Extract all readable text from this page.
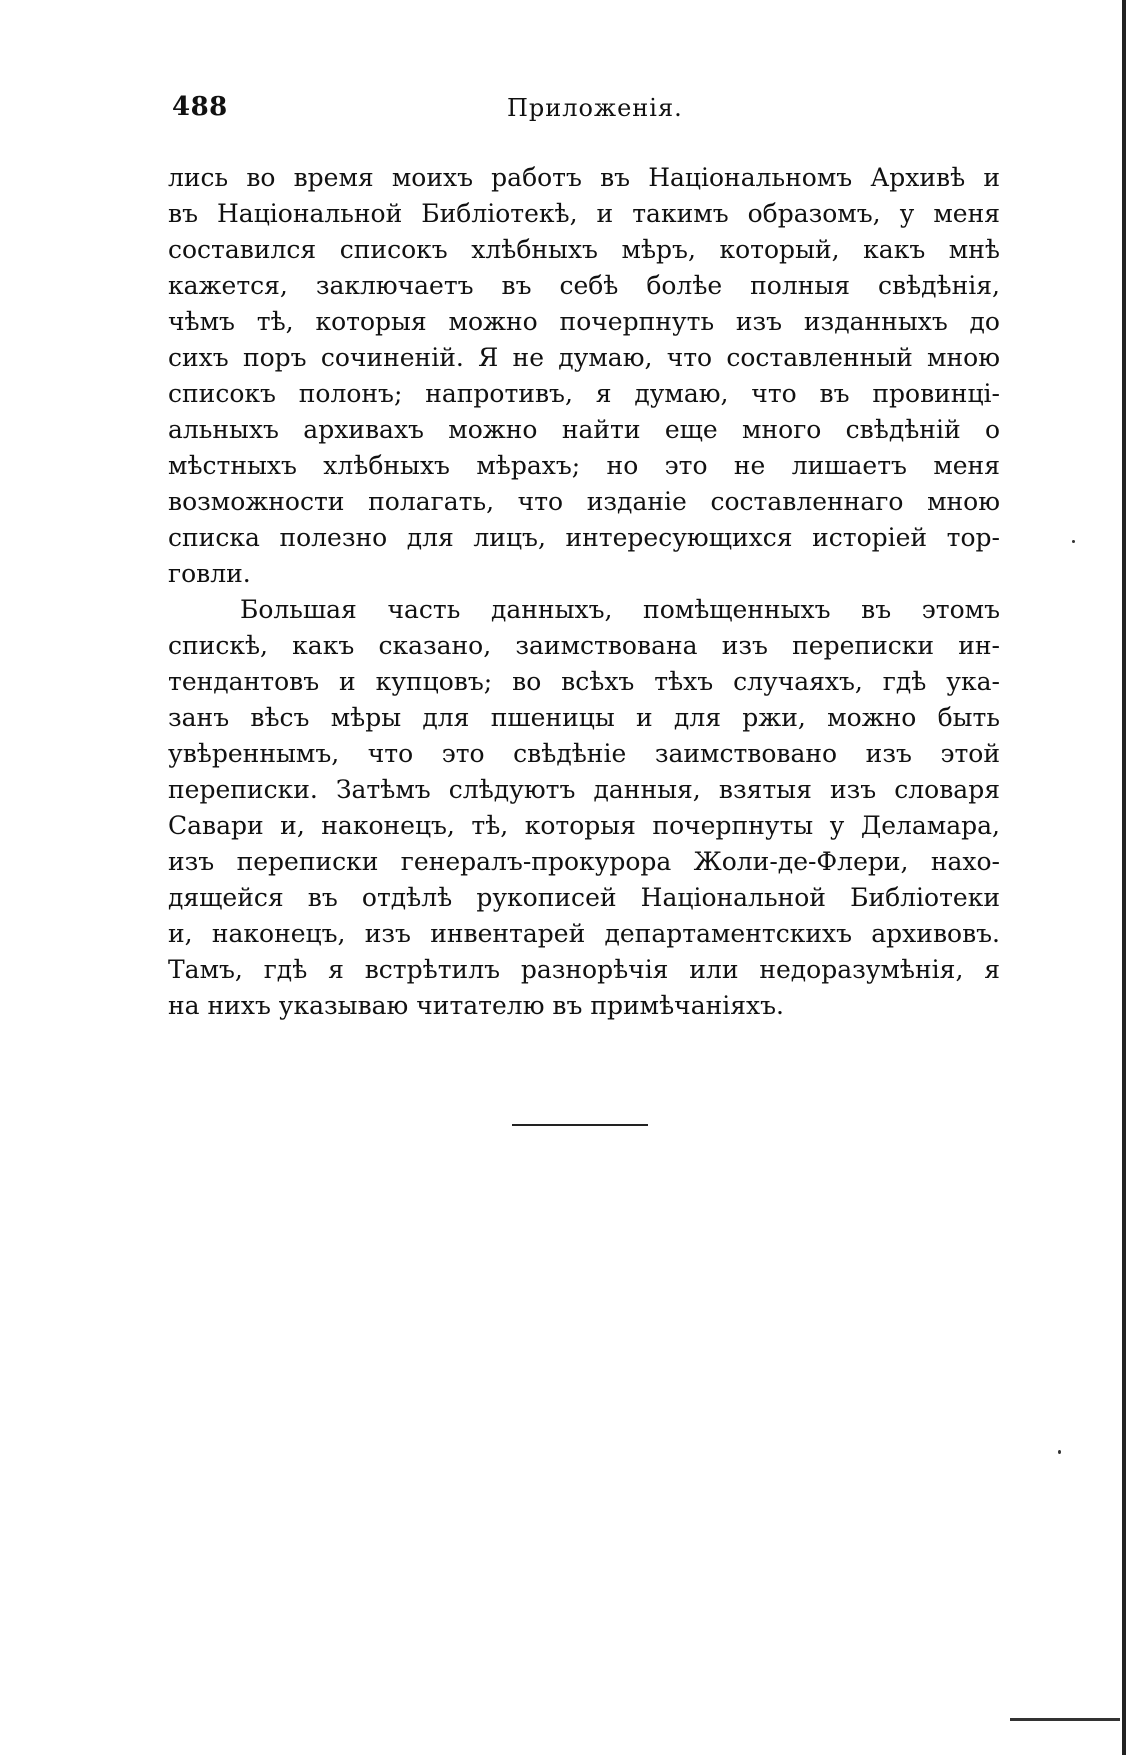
488	Приложенія.
лись во время моихъ работъ въ Національномъ Архивѣ и
въ Національной Библіотекѣ, и такимъ образомъ, у меня
составился списокъ хлѣбныхъ мѣръ, который, какъ мнѣ
кажется, заключаетъ въ себѣ болѣе полныя свѣдѣнія,
чѣмъ тѣ, которыя можно почерпнуть изъ изданныхъ до
сихъ поръ сочиненій. Я не думаю, что составленный мною
списокъ полонъ; напротивъ, я думаю, что въ провинці-
альныхъ архивахъ можно найти еще много свѣдѣній о
мѣстныхъ хлѣбныхъ мѣрахъ; но это не лишаетъ меня
возможности полагать, что изданіе составленнаго мною
списка полезно для лицъ, интересующихся исторіей тор-
говли.
Большая часть данныхъ, помѣщенныхъ въ этомъ
спискѣ, какъ сказано, заимствована изъ переписки ин-
тендантовъ и купцовъ; во всѣхъ тѣхъ случаяхъ, гдѣ ука-
занъ вѣсъ мѣры для пшеницы и для ржи, можно быть
увѣреннымъ, что это свѣдѣніе заимствовано изъ этой
переписки. Затѣмъ слѣдуютъ данныя, взятыя изъ словаря
Савари и, наконецъ, тѣ, которыя почерпнуты у Деламара,
изъ переписки генералъ-прокурора Жоли-де-Флери, нахо-
дящейся въ отдѣлѣ рукописей Національной Библіотеки
и, наконецъ, изъ инвентарей департаментскихъ архивовъ.
Тамъ, гдѣ я встрѣтилъ разнорѣчія или недоразумѣнія, я
на нихъ указываю читателю въ примѣчаніяхъ.
